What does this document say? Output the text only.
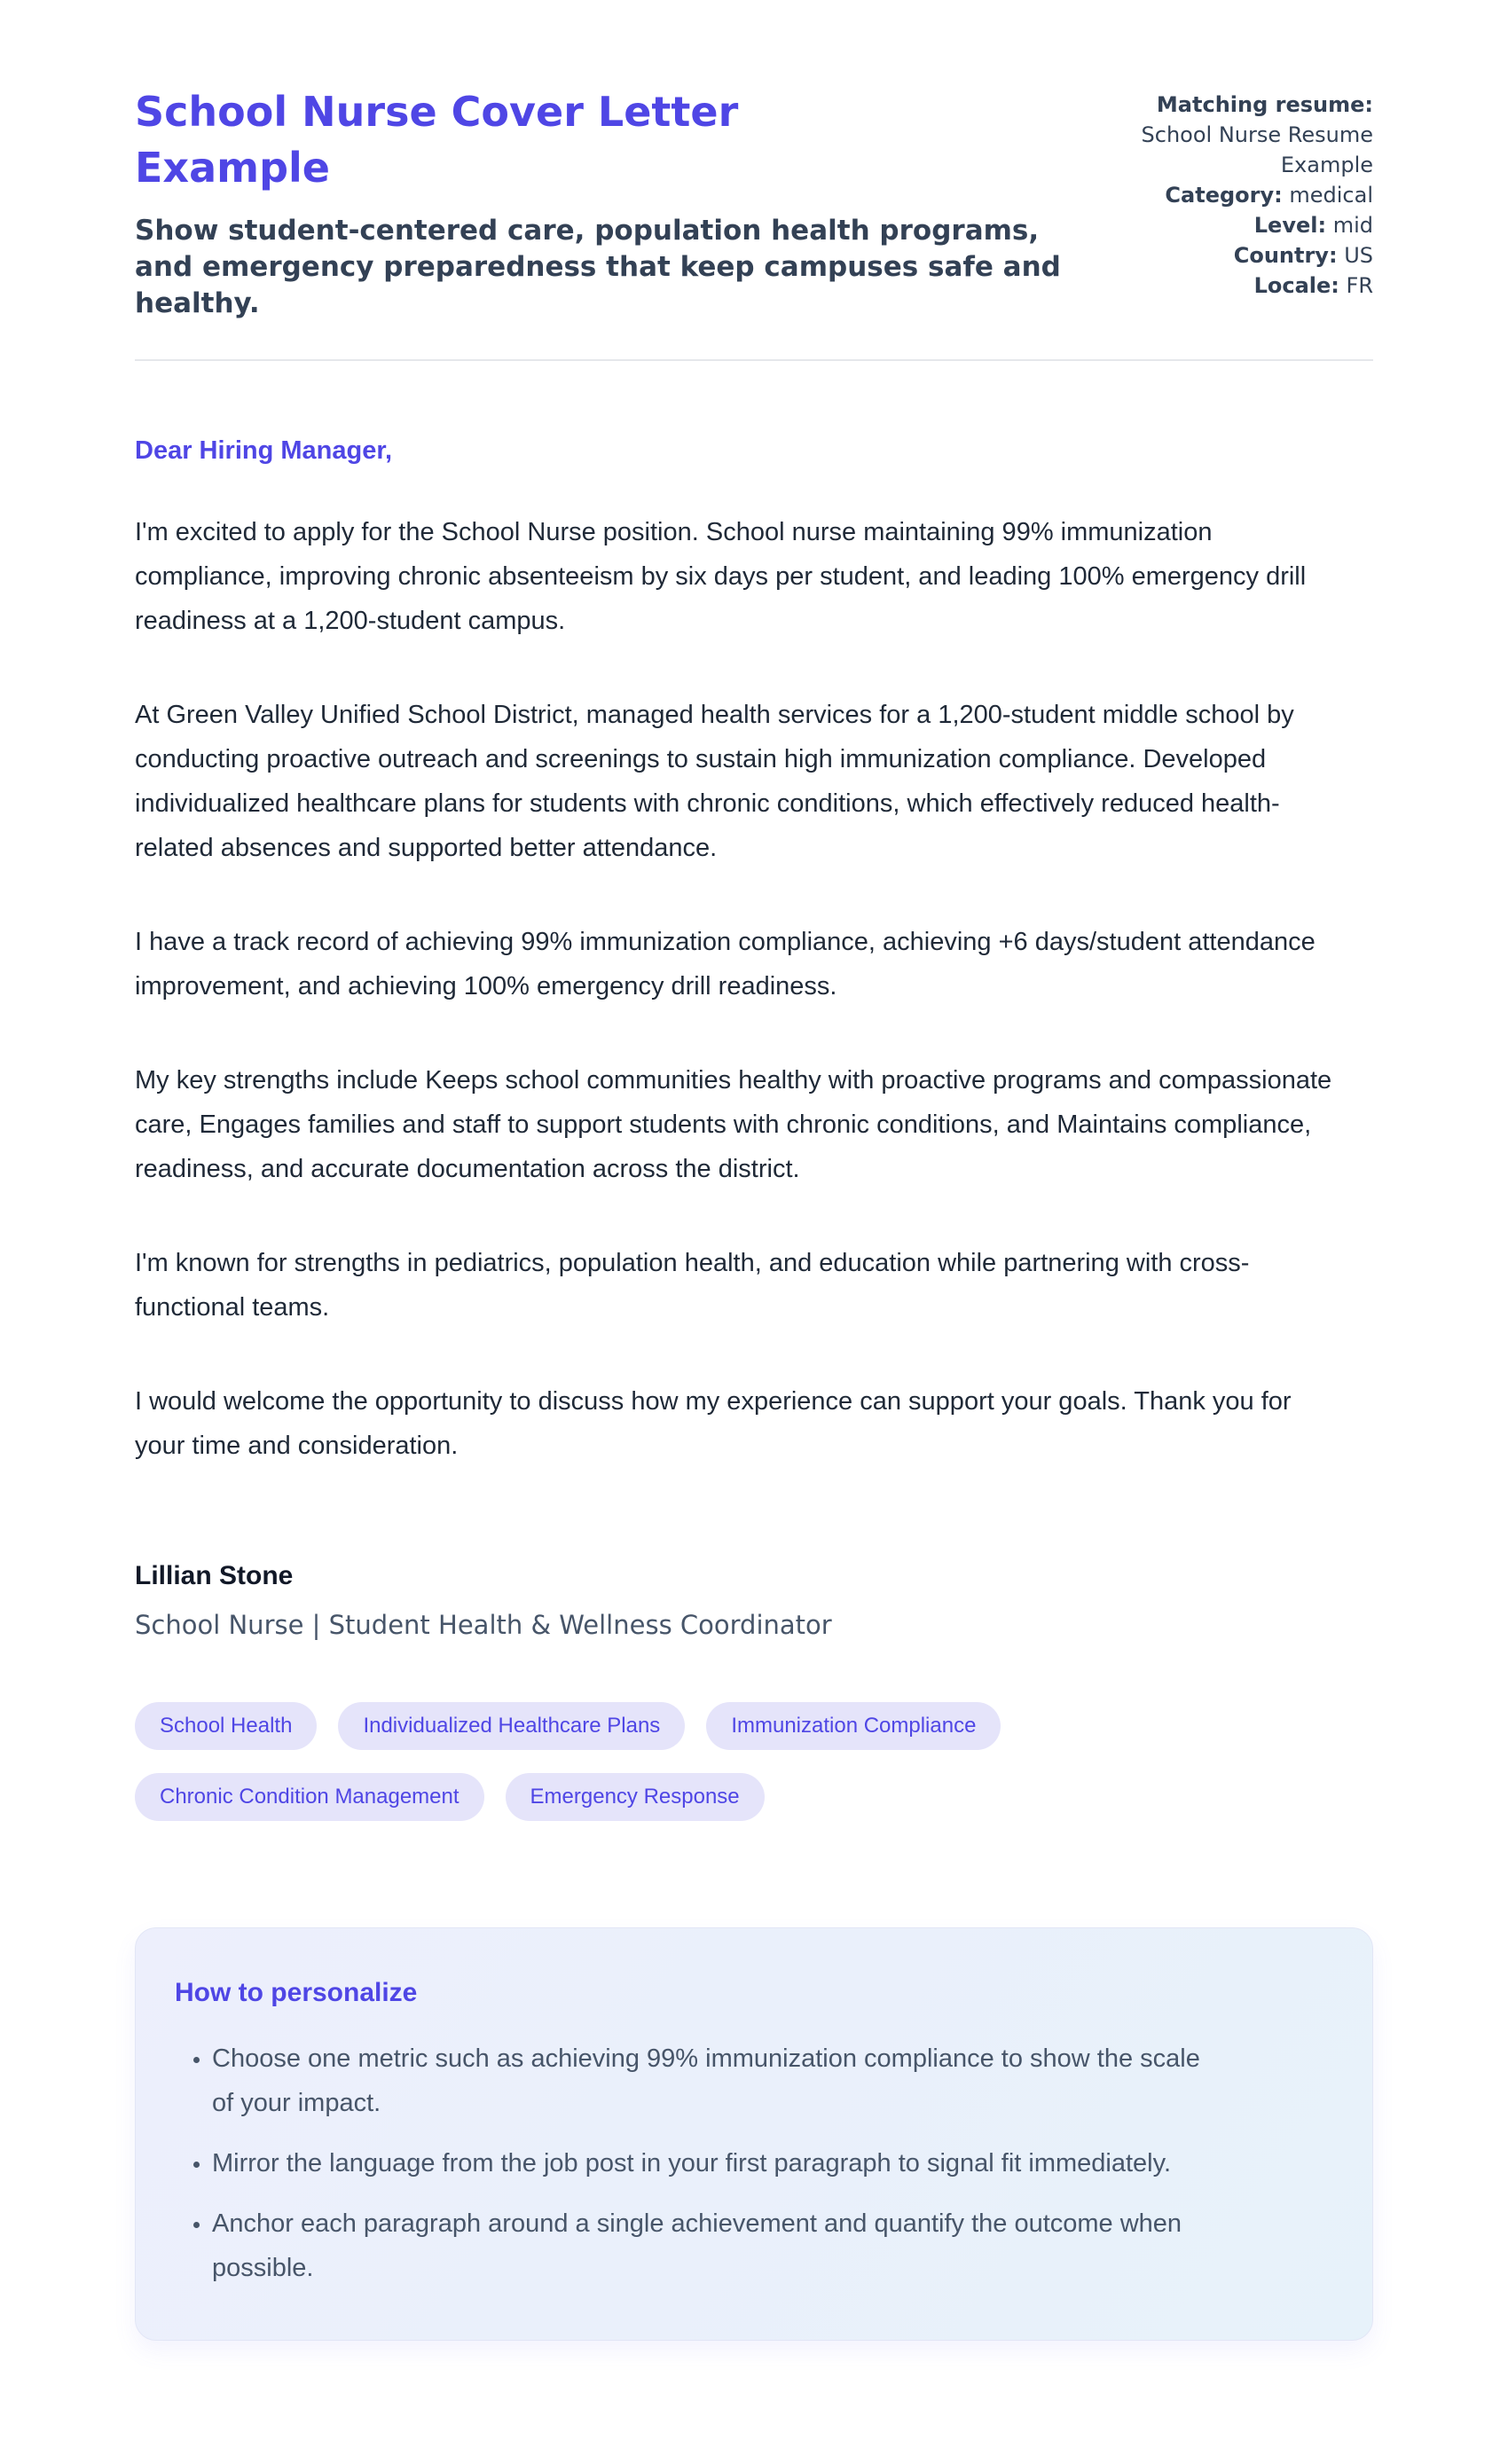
School Nurse Cover Letter Example

Show student-centered care, population health programs, and emergency preparedness that keep campuses safe and healthy.

Matching resume: School Nurse Resume Example
Category: medical
Level: mid
Country: US
Locale: FR

Dear Hiring Manager,

I'm excited to apply for the School Nurse position. School nurse maintaining 99% immunization compliance, improving chronic absenteeism by six days per student, and leading 100% emergency drill readiness at a 1,200-student campus.

At Green Valley Unified School District, managed health services for a 1,200-student middle school by conducting proactive outreach and screenings to sustain high immunization compliance. Developed individualized healthcare plans for students with chronic conditions, which effectively reduced health-related absences and supported better attendance.

I have a track record of achieving 99% immunization compliance, achieving +6 days/student attendance improvement, and achieving 100% emergency drill readiness.

My key strengths include Keeps school communities healthy with proactive programs and compassionate care, Engages families and staff to support students with chronic conditions, and Maintains compliance, readiness, and accurate documentation across the district.

I'm known for strengths in pediatrics, population health, and education while partnering with cross-functional teams.

I would welcome the opportunity to discuss how my experience can support your goals. Thank you for your time and consideration.

Lillian Stone

School Nurse | Student Health & Wellness Coordinator

School Health	Individualized Healthcare Plans	Immunization Compliance
Chronic Condition Management	Emergency Response
How to personalize
• Choose one metric such as achieving 99% immunization compliance to show the scale of your impact.
• Mirror the language from the job post in your first paragraph to signal fit immediately.
• Anchor each paragraph around a single achievement and quantify the outcome when possible.
